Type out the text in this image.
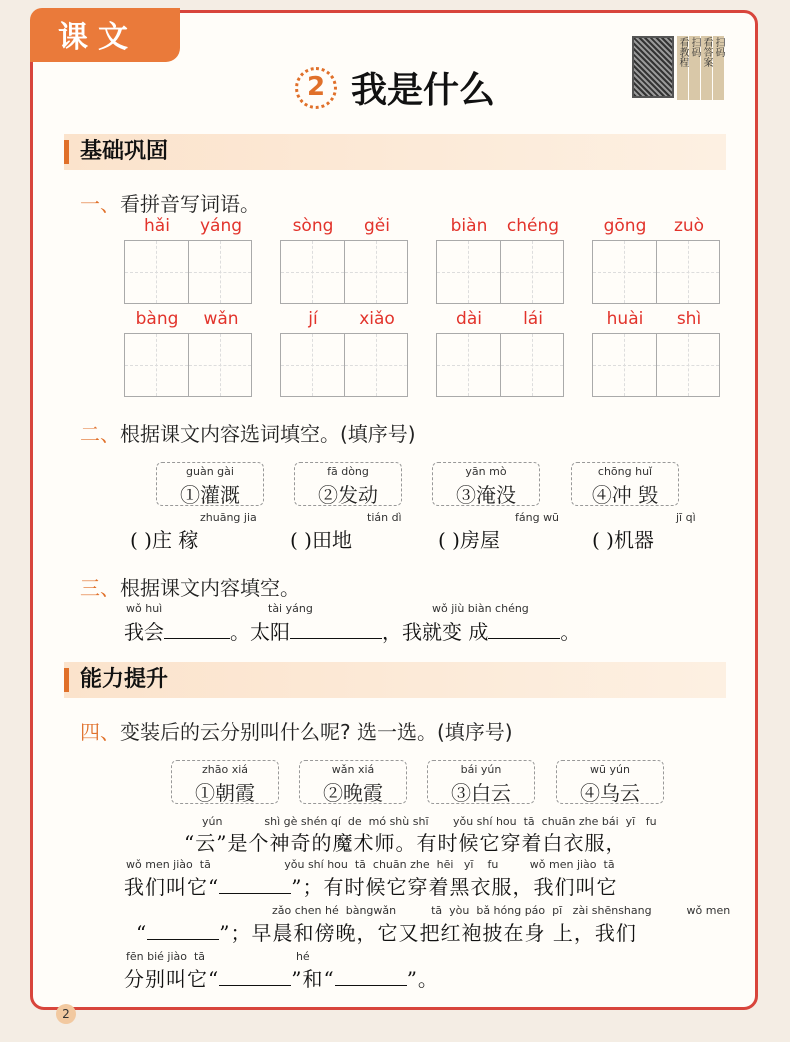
课文	扫码
看答案
扫码
看教程
2 我是什么
基础巩固
一、看拼音写词语。
hǎi yáng	sòng gěi	biàn chéng	gōng zuò
bàng wǎn	jí xiǎo	dài lái	huài shì
二、根据课文内容选词填空。(填序号)
guàn gài
①灌溉
fā dòng
②发动
yān mò
③淹没
chōng huǐ
④冲 毁
zhuāng jia	tián dì	fáng wū	jī qì
( )庄 稼	( )田地	( )房屋	( )机器
三、根据课文内容填空。
wǒ huì	tài yáng	wǒ jiù biàn chéng
我会	。太阳	，我就变 成	。
能力提升
四、变装后的云分别叫什么呢? 选一选。(填序号)
zhāo xiá
①朝霞
wǎn xiá
②晚霞
bái yún
③白云
wū yún
④乌云
yún            shì gè shén qí  de  mó shù shī       yǒu shí hou  tā  chuān zhe bái  yī   fu
“云”是个神奇的魔术师。有时候它穿着白衣服，
wǒ men jiào  tā                     yǒu shí hou  tā  chuān zhe  hēi   yī    fu         wǒ men jiào  tā
我们叫它“	”；有时候它穿着黑衣服，我们叫它
zǎo chen hé  bàngwǎn          tā  yòu  bǎ hóng páo  pī   zài shēnshang          wǒ men
“	”；早晨和傍晚，它又把红袍披在身 上，我们
fēn bié jiào  tā                          hé
分别叫它“	”和“	”。
2
